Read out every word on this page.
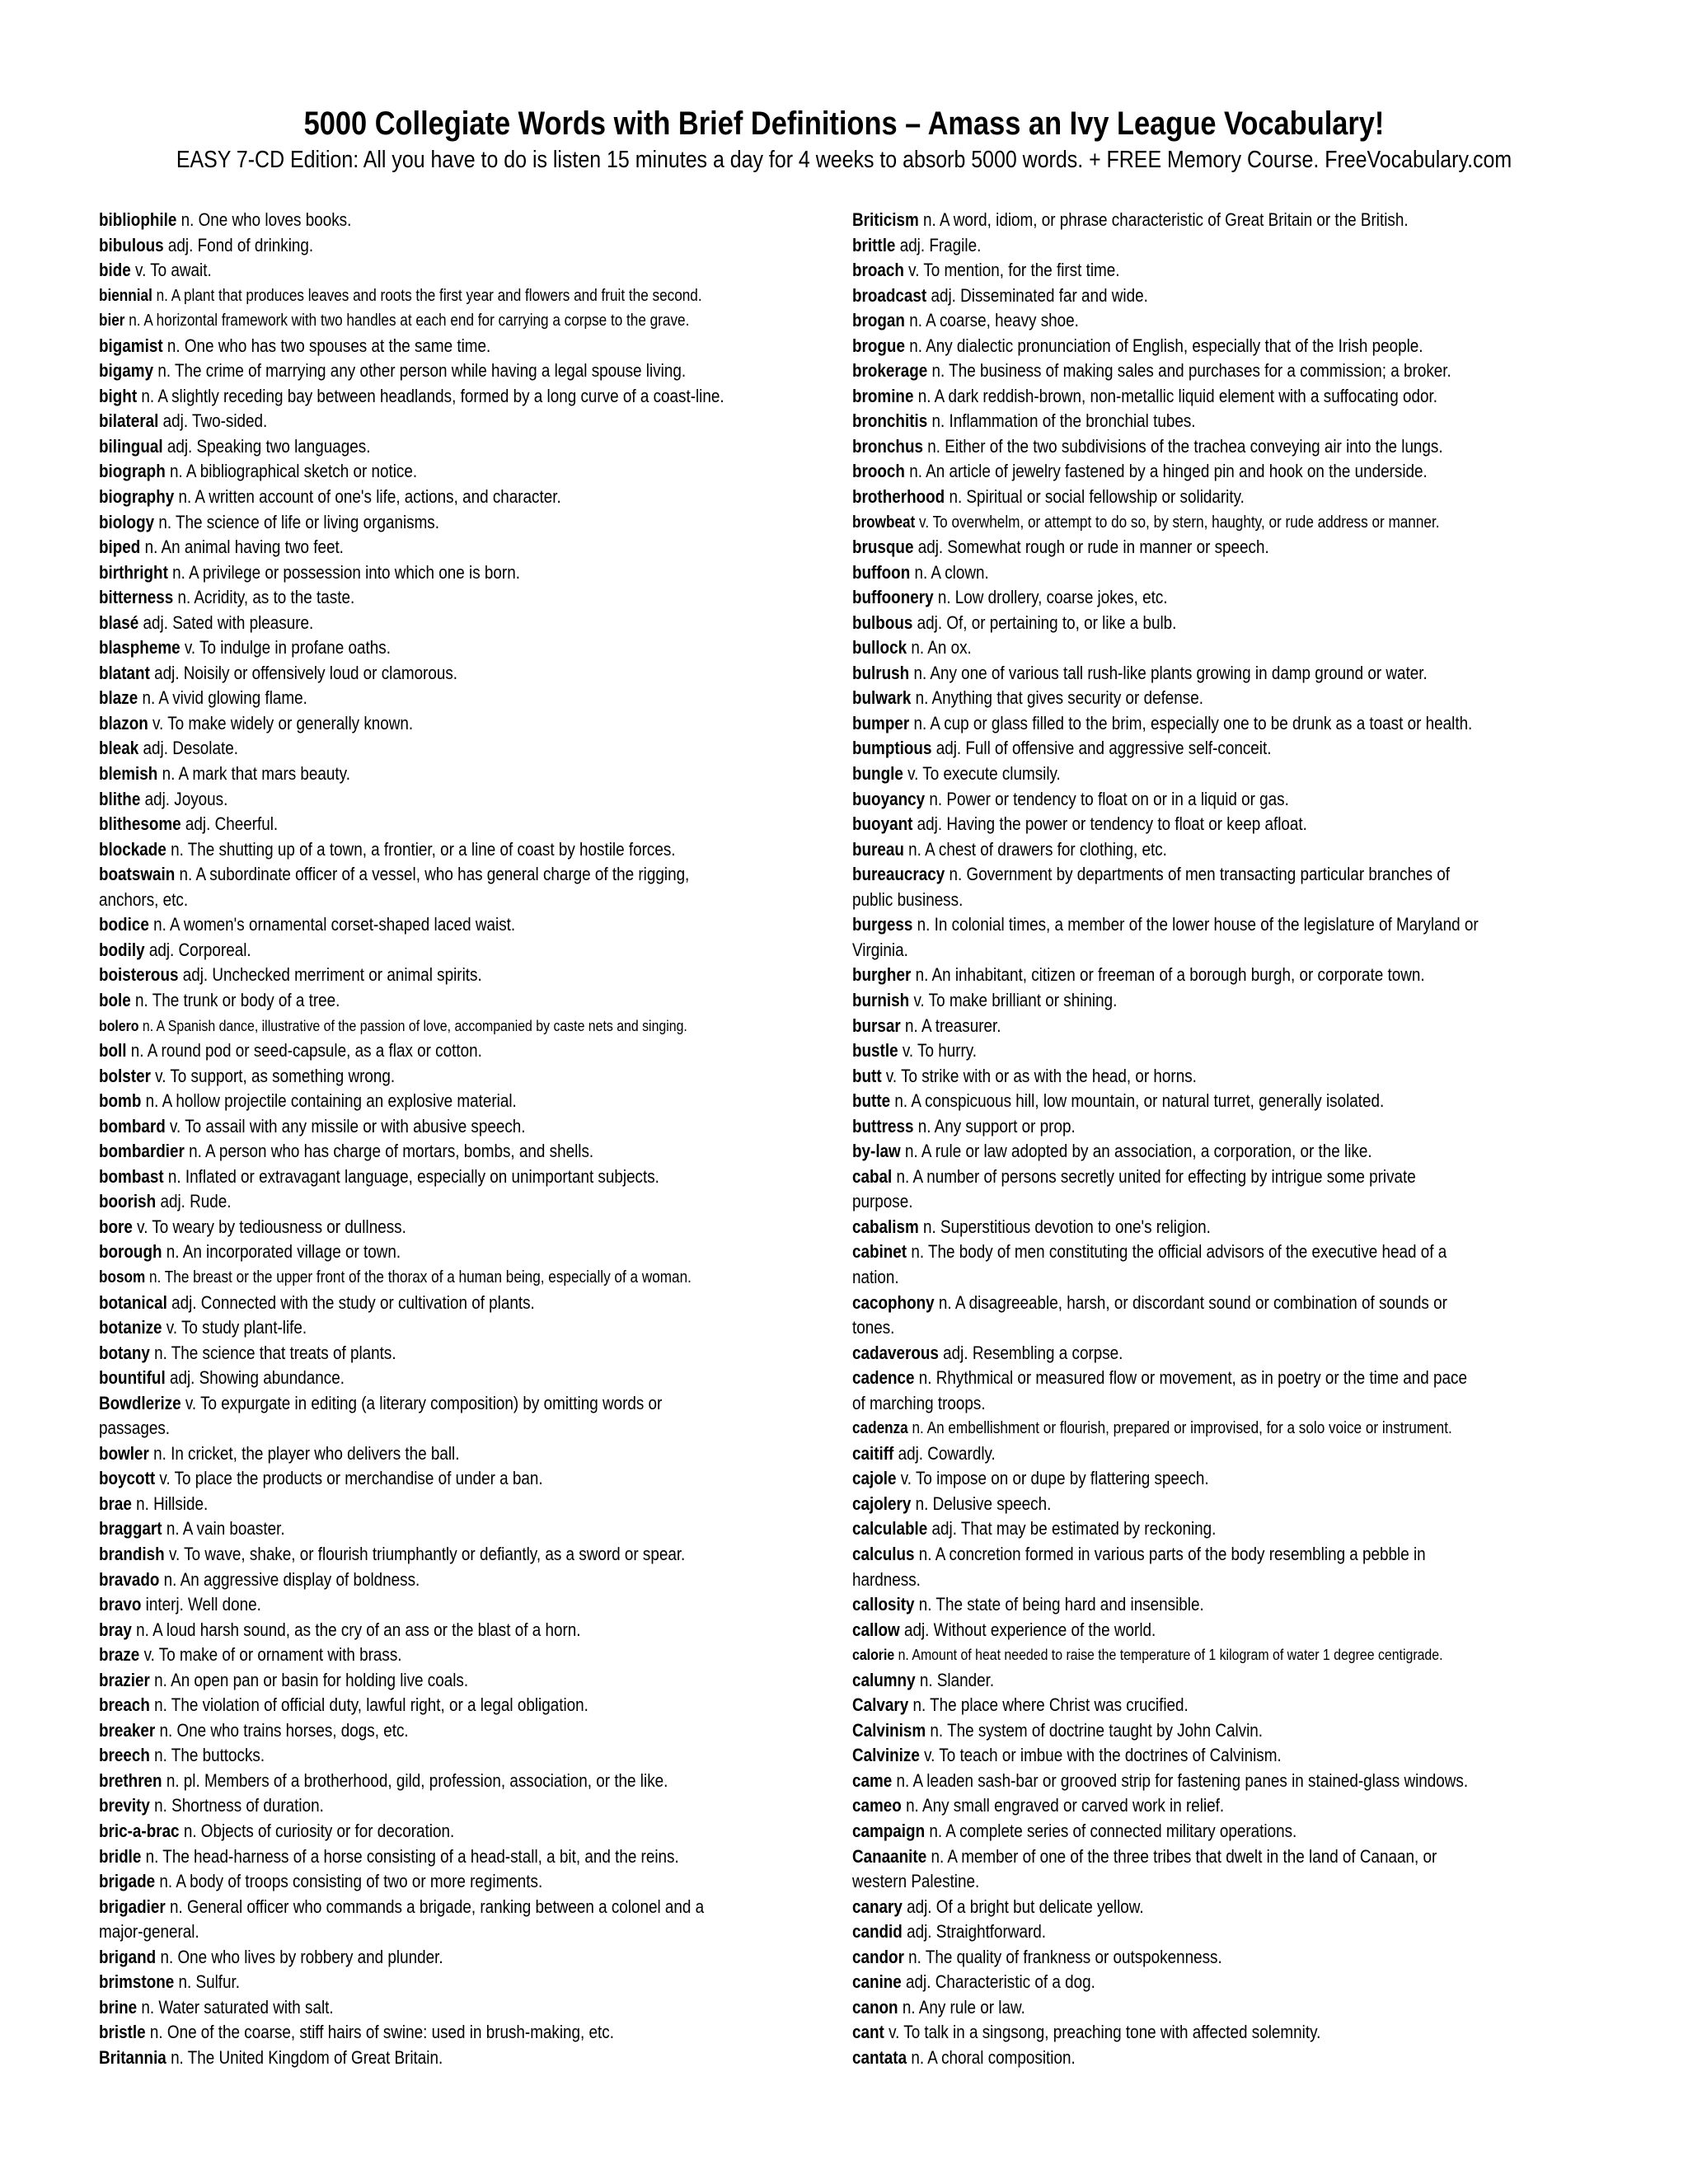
5000 Collegiate Words with Brief Definitions – Amass an Ivy League Vocabulary!

EASY 7-CD Edition: All you have to do is listen 15 minutes a day for 4 weeks to absorb 5000 words. + FREE Memory Course. FreeVocabulary.com

bibliophile n. One who loves books.
bibulous adj. Fond of drinking.
bide v. To await.
biennial n. A plant that produces leaves and roots the first year and flowers and fruit the second.
bier n. A horizontal framework with two handles at each end for carrying a corpse to the grave.
bigamist n. One who has two spouses at the same time.
bigamy n. The crime of marrying any other person while having a legal spouse living.
bight n. A slightly receding bay between headlands, formed by a long curve of a coast-line.
bilateral adj. Two-sided.
bilingual adj. Speaking two languages.
biograph n. A bibliographical sketch or notice.
biography n. A written account of one's life, actions, and character.
biology n. The science of life or living organisms.
biped n. An animal having two feet.
birthright n. A privilege or possession into which one is born.
bitterness n. Acridity, as to the taste.
blasé adj. Sated with pleasure.
blaspheme v. To indulge in profane oaths.
blatant adj. Noisily or offensively loud or clamorous.
blaze n. A vivid glowing flame.
blazon v. To make widely or generally known.
bleak adj. Desolate.
blemish n. A mark that mars beauty.
blithe adj. Joyous.
blithesome adj. Cheerful.
blockade n. The shutting up of a town, a frontier, or a line of coast by hostile forces.
boatswain n. A subordinate officer of a vessel, who has general charge of the rigging,
anchors, etc.
bodice n. A women's ornamental corset-shaped laced waist.
bodily adj. Corporeal.
boisterous adj. Unchecked merriment or animal spirits.
bole n. The trunk or body of a tree.
bolero n. A Spanish dance, illustrative of the passion of love, accompanied by caste nets and singing.
boll n. A round pod or seed-capsule, as a flax or cotton.
bolster v. To support, as something wrong.
bomb n. A hollow projectile containing an explosive material.
bombard v. To assail with any missile or with abusive speech.
bombardier n. A person who has charge of mortars, bombs, and shells.
bombast n. Inflated or extravagant language, especially on unimportant subjects.
boorish adj. Rude.
bore v. To weary by tediousness or dullness.
borough n. An incorporated village or town.
bosom n. The breast or the upper front of the thorax of a human being, especially of a woman.
botanical adj. Connected with the study or cultivation of plants.
botanize v. To study plant-life.
botany n. The science that treats of plants.
bountiful adj. Showing abundance.
Bowdlerize v. To expurgate in editing (a literary composition) by omitting words or
passages.
bowler n. In cricket, the player who delivers the ball.
boycott v. To place the products or merchandise of under a ban.
brae n. Hillside.
braggart n. A vain boaster.
brandish v. To wave, shake, or flourish triumphantly or defiantly, as a sword or spear.
bravado n. An aggressive display of boldness.
bravo interj. Well done.
bray n. A loud harsh sound, as the cry of an ass or the blast of a horn.
braze v. To make of or ornament with brass.
brazier n. An open pan or basin for holding live coals.
breach n. The violation of official duty, lawful right, or a legal obligation.
breaker n. One who trains horses, dogs, etc.
breech n. The buttocks.
brethren n. pl. Members of a brotherhood, gild, profession, association, or the like.
brevity n. Shortness of duration.
bric-a-brac n. Objects of curiosity or for decoration.
bridle n. The head-harness of a horse consisting of a head-stall, a bit, and the reins.
brigade n. A body of troops consisting of two or more regiments.
brigadier n. General officer who commands a brigade, ranking between a colonel and a
major-general.
brigand n. One who lives by robbery and plunder.
brimstone n. Sulfur.
brine n. Water saturated with salt.
bristle n. One of the coarse, stiff hairs of swine: used in brush-making, etc.
Britannia n. The United Kingdom of Great Britain.
Briticism n. A word, idiom, or phrase characteristic of Great Britain or the British.
brittle adj. Fragile.
broach v. To mention, for the first time.
broadcast adj. Disseminated far and wide.
brogan n. A coarse, heavy shoe.
brogue n. Any dialectic pronunciation of English, especially that of the Irish people.
brokerage n. The business of making sales and purchases for a commission; a broker.
bromine n. A dark reddish-brown, non-metallic liquid element with a suffocating odor.
bronchitis n. Inflammation of the bronchial tubes.
bronchus n. Either of the two subdivisions of the trachea conveying air into the lungs.
brooch n. An article of jewelry fastened by a hinged pin and hook on the underside.
brotherhood n. Spiritual or social fellowship or solidarity.
browbeat v. To overwhelm, or attempt to do so, by stern, haughty, or rude address or manner.
brusque adj. Somewhat rough or rude in manner or speech.
buffoon n. A clown.
buffoonery n. Low drollery, coarse jokes, etc.
bulbous adj. Of, or pertaining to, or like a bulb.
bullock n. An ox.
bulrush n. Any one of various tall rush-like plants growing in damp ground or water.
bulwark n. Anything that gives security or defense.
bumper n. A cup or glass filled to the brim, especially one to be drunk as a toast or health.
bumptious adj. Full of offensive and aggressive self-conceit.
bungle v. To execute clumsily.
buoyancy n. Power or tendency to float on or in a liquid or gas.
buoyant adj. Having the power or tendency to float or keep afloat.
bureau n. A chest of drawers for clothing, etc.
bureaucracy n. Government by departments of men transacting particular branches of
public business.
burgess n. In colonial times, a member of the lower house of the legislature of Maryland or
Virginia.
burgher n. An inhabitant, citizen or freeman of a borough burgh, or corporate town.
burnish v. To make brilliant or shining.
bursar n. A treasurer.
bustle v. To hurry.
butt v. To strike with or as with the head, or horns.
butte n. A conspicuous hill, low mountain, or natural turret, generally isolated.
buttress n. Any support or prop.
by-law n. A rule or law adopted by an association, a corporation, or the like.
cabal n. A number of persons secretly united for effecting by intrigue some private
purpose.
cabalism n. Superstitious devotion to one's religion.
cabinet n. The body of men constituting the official advisors of the executive head of a
nation.
cacophony n. A disagreeable, harsh, or discordant sound or combination of sounds or
tones.
cadaverous adj. Resembling a corpse.
cadence n. Rhythmical or measured flow or movement, as in poetry or the time and pace
of marching troops.
cadenza n. An embellishment or flourish, prepared or improvised, for a solo voice or instrument.
caitiff adj. Cowardly.
cajole v. To impose on or dupe by flattering speech.
cajolery n. Delusive speech.
calculable adj. That may be estimated by reckoning.
calculus n. A concretion formed in various parts of the body resembling a pebble in
hardness.
callosity n. The state of being hard and insensible.
callow adj. Without experience of the world.
calorie n. Amount of heat needed to raise the temperature of 1 kilogram of water 1 degree centigrade.
calumny n. Slander.
Calvary n. The place where Christ was crucified.
Calvinism n. The system of doctrine taught by John Calvin.
Calvinize v. To teach or imbue with the doctrines of Calvinism.
came n. A leaden sash-bar or grooved strip for fastening panes in stained-glass windows.
cameo n. Any small engraved or carved work in relief.
campaign n. A complete series of connected military operations.
Canaanite n. A member of one of the three tribes that dwelt in the land of Canaan, or
western Palestine.
canary adj. Of a bright but delicate yellow.
candid adj. Straightforward.
candor n. The quality of frankness or outspokenness.
canine adj. Characteristic of a dog.
canon n. Any rule or law.
cant v. To talk in a singsong, preaching tone with affected solemnity.
cantata n. A choral composition.
